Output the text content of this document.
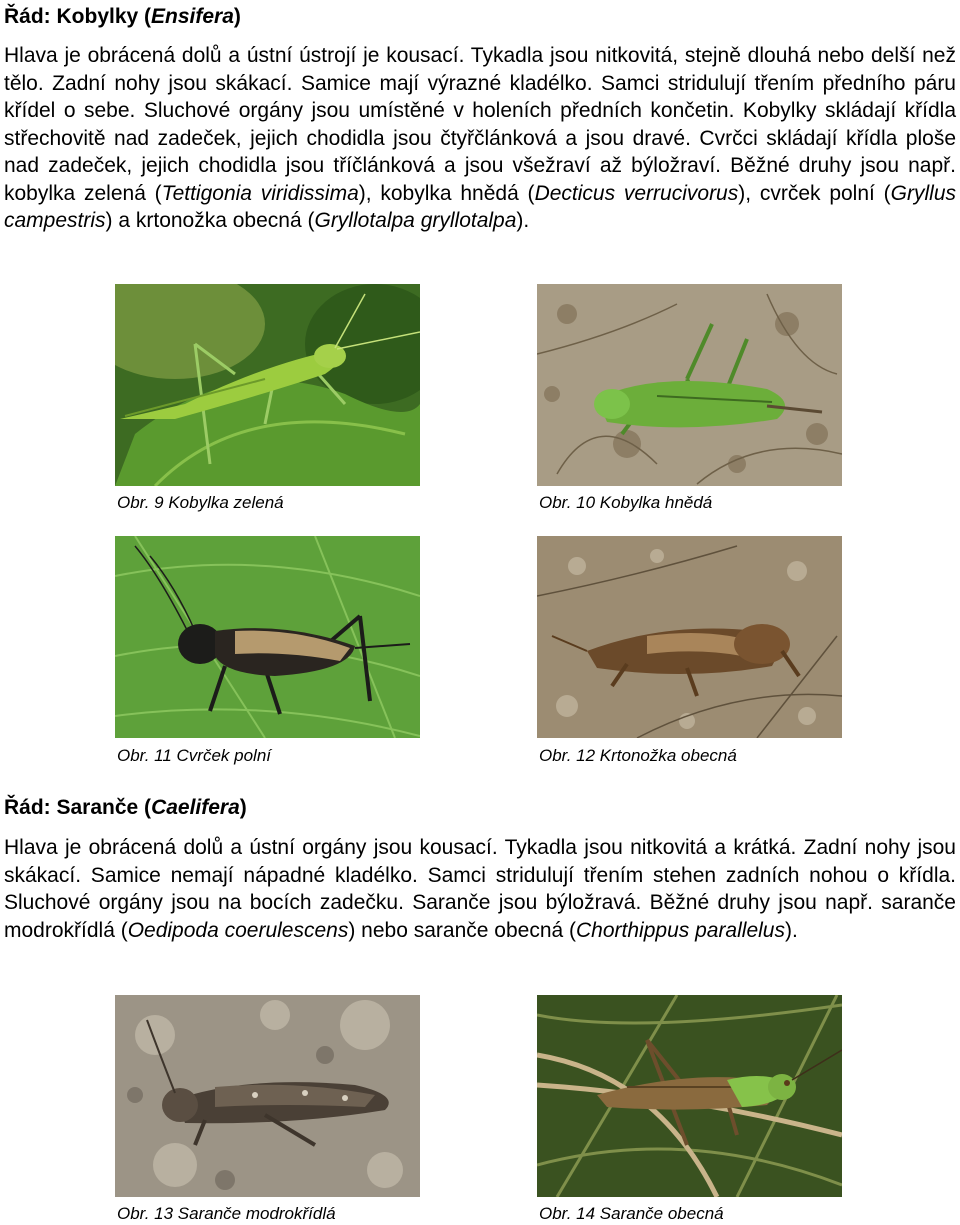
Řád: Kobylky (Ensifera)

Hlava je obrácená dolů a ústní ústrojí je kousací. Tykadla jsou nitkovitá, stejně dlouhá nebo delší než tělo. Zadní nohy jsou skákací. Samice mají výrazné kladélko. Samci stridulují třením předního páru křídel o sebe. Sluchové orgány jsou umístěné v holeních předních končetin. Kobylky skládají křídla střechovitě nad zadeček, jejich chodidla jsou čtyřčlánková a jsou dravé. Cvrčci skládají křídla ploše nad zadeček, jejich chodidla jsou tříčlánková a jsou všežraví až býložraví. Běžné druhy jsou např. kobylka zelená (Tettigonia viridissima), kobylka hnědá (Decticus verrucivorus), cvrček polní (Gryllus campestris) a krtonožka obecná (Gryllotalpa gryllotalpa).

Obr. 9 Kobylka zelená	Obr. 10 Kobylka hnědá
Obr. 11 Cvrček polní	Obr. 12 Krtonožka obecná
Řád: Saranče (Caelifera)

Hlava je obrácená dolů a ústní orgány jsou kousací. Tykadla jsou nitkovitá a krátká. Zadní nohy jsou skákací. Samice nemají nápadné kladélko. Samci stridulují třením stehen zadních nohou o křídla. Sluchové orgány jsou na bocích zadečku. Saranče jsou býložravá. Běžné druhy jsou např. saranče modrokřídlá (Oedipoda coerulescens) nebo saranče obecná (Chorthippus parallelus).

Obr. 13 Saranče modrokřídlá	Obr. 14 Saranče obecná
